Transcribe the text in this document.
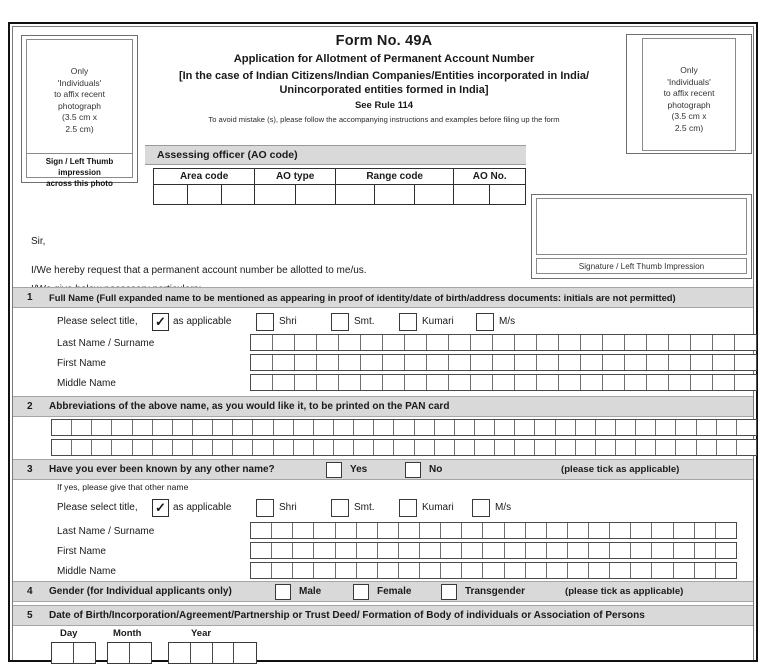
Only
'Individuals'
to affix recent
photograph
(3.5 cm x
2.5 cm)
Sign / Left Thumb impression
across this photo
Only
'Individuals'
to affix recent
photograph
(3.5 cm x
2.5 cm)
Form No. 49A
Application for Allotment of Permanent Account Number
[In the case of Indian Citizens/Indian Companies/Entities incorporated in India/
Unincorporated entities formed in India]
See Rule 114
To avoid mistake (s), please follow the accompanying instructions and examples before filing up the form
Assessing officer (AO code)
Area code			AO type		Range code			AO No.	

Signature / Left Thumb Impression
Sir,
I/We hereby request that a permanent account number be allotted to me/us.
1 Full Name (Full expanded name to be mentioned as appearing in proof of identity/date of birth/address documents: initials are not permitted)
Please select title, ✓ as applicable	Shri	Smt.	Kumari	M/s
Last Name / Surname
First Name
Middle Name
2 Abbreviations of the above name, as you would like it, to be printed on the PAN card
3 Have you ever been known by any other name?	Yes	No	(please tick as applicable)
If yes, please give that other name
Please select title, ✓ as applicable	Shri	Smt.	Kumari	M/s
Last Name / Surname
First Name
Middle Name
4 Gender (for Individual applicants only)	Male	Female	Transgender	(please tick as applicable)
5 Date of Birth/Incorporation/Agreement/Partnership or Trust Deed/ Formation of Body of individuals or Association of Persons
Day	Month	Year
